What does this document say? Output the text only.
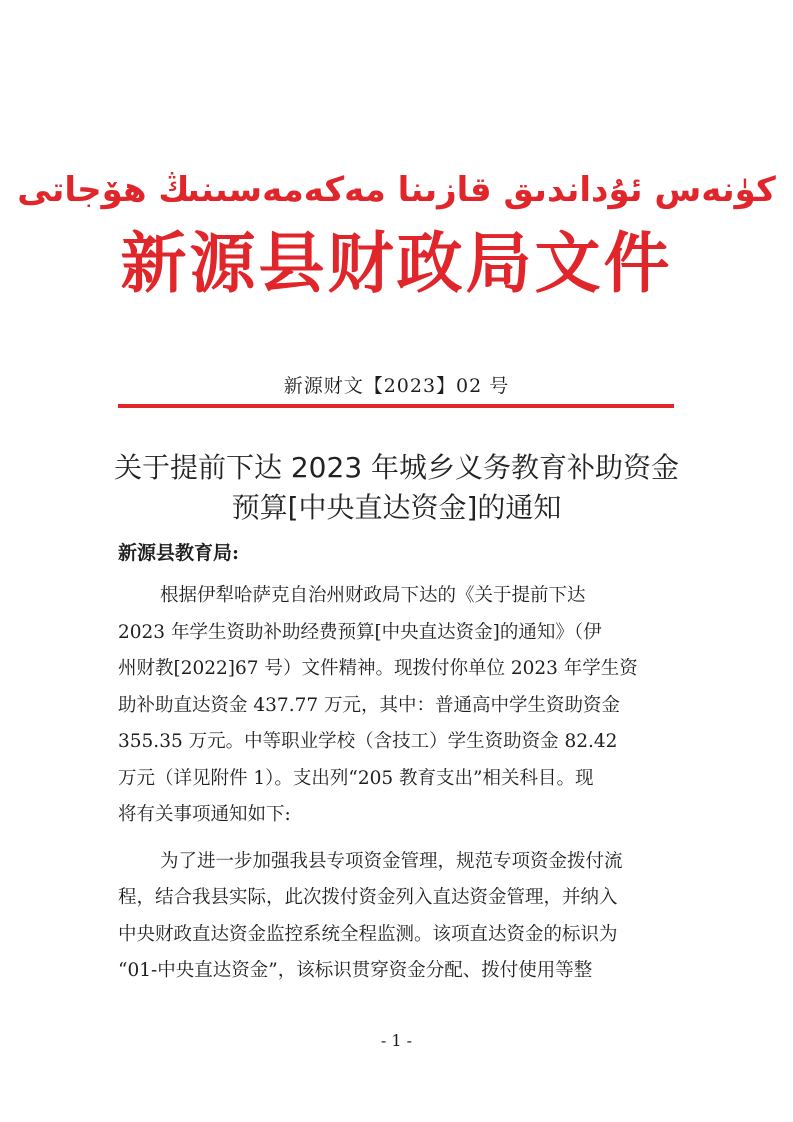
كۈنەس ئۇداندىق قازىنا مەكەمەسىنىڭ ھۆجاتى
新源县财政局文件
新源财文【2023】02 号
关于提前下达 2023 年城乡义务教育补助资金
预算[中央直达资金]的通知
新源县教育局:
根据伊犁哈萨克自治州财政局下达的《关于提前下达
2023 年学生资助补助经费预算[中央直达资金]的通知》（伊
州财教[2022]67 号）文件精神。现拨付你单位 2023 年学生资
助补助直达资金 437.77 万元，其中：普通高中学生资助资金
355.35 万元。中等职业学校（含技工）学生资助资金 82.42
万元（详见附件 1）。支出列“205 教育支出”相关科目。现
将有关事项通知如下:
为了进一步加强我县专项资金管理，规范专项资金拨付流
程，结合我县实际，此次拨付资金列入直达资金管理，并纳入
中央财政直达资金监控系统全程监测。该项直达资金的标识为
“01-中央直达资金”，该标识贯穿资金分配、拨付使用等整
- 1 -
